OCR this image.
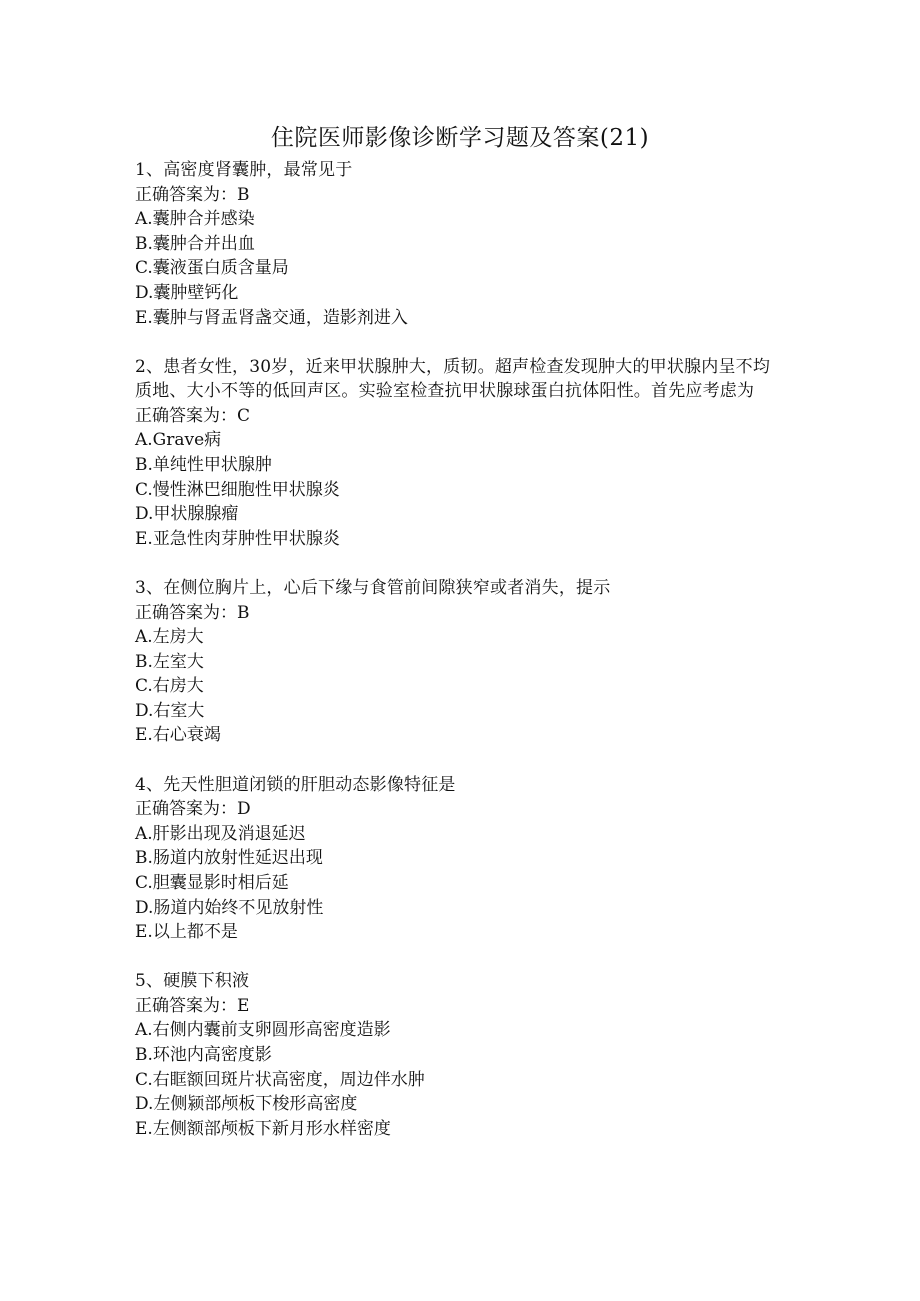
住院医师影像诊断学习题及答案(21)
1、高密度肾囊肿，最常见于
正确答案为：B
A.囊肿合并感染
B.囊肿合并出血
C.囊液蛋白质含量局
D.囊肿壁钙化
E.囊肿与肾盂肾盏交通，造影剂进入
2、患者女性，30岁，近来甲状腺肿大，质韧。超声检查发现肿大的甲状腺内呈不均质地、大小不等的低回声区。实验室检查抗甲状腺球蛋白抗体阳性。首先应考虑为
正确答案为：C
A.Grave病
B.单纯性甲状腺肿
C.慢性淋巴细胞性甲状腺炎
D.甲状腺腺瘤
E.亚急性肉芽肿性甲状腺炎
3、在侧位胸片上，心后下缘与食管前间隙狭窄或者消失，提示
正确答案为：B
A.左房大
B.左室大
C.右房大
D.右室大
E.右心衰竭
4、先天性胆道闭锁的肝胆动态影像特征是
正确答案为：D
A.肝影出现及消退延迟
B.肠道内放射性延迟出现
C.胆囊显影时相后延
D.肠道内始终不见放射性
E.以上都不是
5、硬膜下积液
正确答案为：E
A.右侧内囊前支卵圆形高密度造影
B.环池内高密度影
C.右眶额回斑片状高密度，周边伴水肿
D.左侧颍部颅板下梭形高密度
E.左侧额部颅板下新月形水样密度
